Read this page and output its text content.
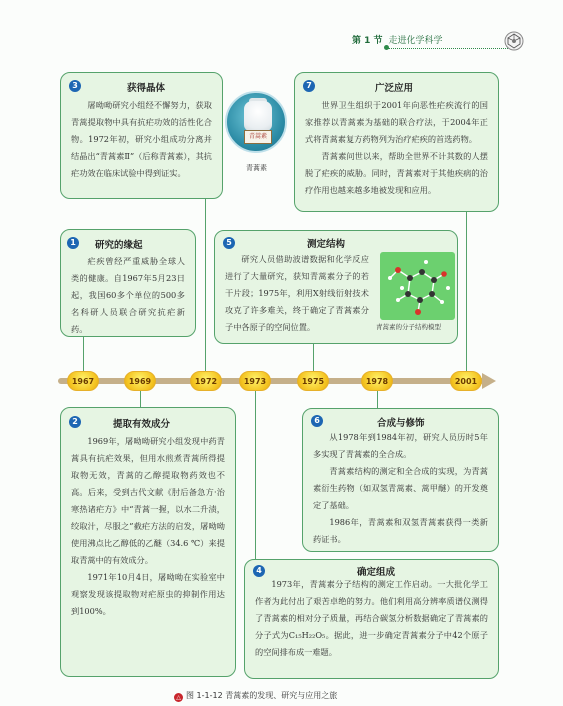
第 1 节 走进化学科学
3	获得晶体

屠呦呦研究小组经不懈努力，获取青蒿提取物中具有抗疟功效的活性化合物。1972年初，研究小组成功分离并结晶出“青蒿素Ⅱ”（后称青蒿素），其抗疟功效在临床试验中得到证实。

青蒿素
青蒿素
7	广泛应用

世界卫生组织于2001年向恶性疟疾流行的国家推荐以青蒿素为基础的联合疗法，于2004年正式将青蒿素复方药物列为治疗疟疾的首选药物。

青蒿素问世以来，帮助全世界不计其数的人摆脱了疟疾的威胁。同时，青蒿素对于其他疾病的治疗作用也越来越多地被发现和应用。

1	研究的缘起

疟疾曾经严重威胁全球人类的健康。自1967年5月23日起，我国60多个单位的500多名科研人员联合研究抗疟新药。

5	测定结构

研究人员借助波谱数据和化学反应进行了大量研究，获知青蒿素分子的若干片段；1975年，利用X射线衍射技术攻克了许多难关，终于确定了青蒿素分子中各原子的空间位置。	青蒿素的分子结构模型
1967	1969	1972	1973	1975	1978	2001
2	提取有效成分

1969年，屠呦呦研究小组发现中药青蒿具有抗疟效果，但用水煎煮青蒿所得提取物无效，青蒿的乙醇提取物药效也不高。后来，受到古代文献《肘后备急方·治寒热诸疟方》中“青蒿一握，以水二升渍，绞取汁，尽服之”截疟方法的启发，屠呦呦使用沸点比乙醇低的乙醚（34.6 ℃）来提取青蒿中的有效成分。

1971年10月4日，屠呦呦在实验室中观察发现该提取物对疟原虫的抑制作用达到100%。

6	合成与修饰

从1978年到1984年初，研究人员历时5年多实现了青蒿素的全合成。

青蒿素结构的测定和全合成的实现，为青蒿素衍生药物（如双氢青蒿素、蒿甲醚）的开发奠定了基础。

1986年，青蒿素和双氢青蒿素获得一类新药证书。

4	确定组成

1973年，青蒿素分子结构的测定工作启动。一大批化学工作者为此付出了艰苦卓绝的努力。他们利用高分辨率质谱仪测得了青蒿素的相对分子质量，再结合碳氢分析数据确定了青蒿素的分子式为C₁₅H₂₂O₅。据此，进一步确定青蒿素分子中42个原子的空间排布成一难题。

△ 图 1-1-12 青蒿素的发现、研究与应用之旅
